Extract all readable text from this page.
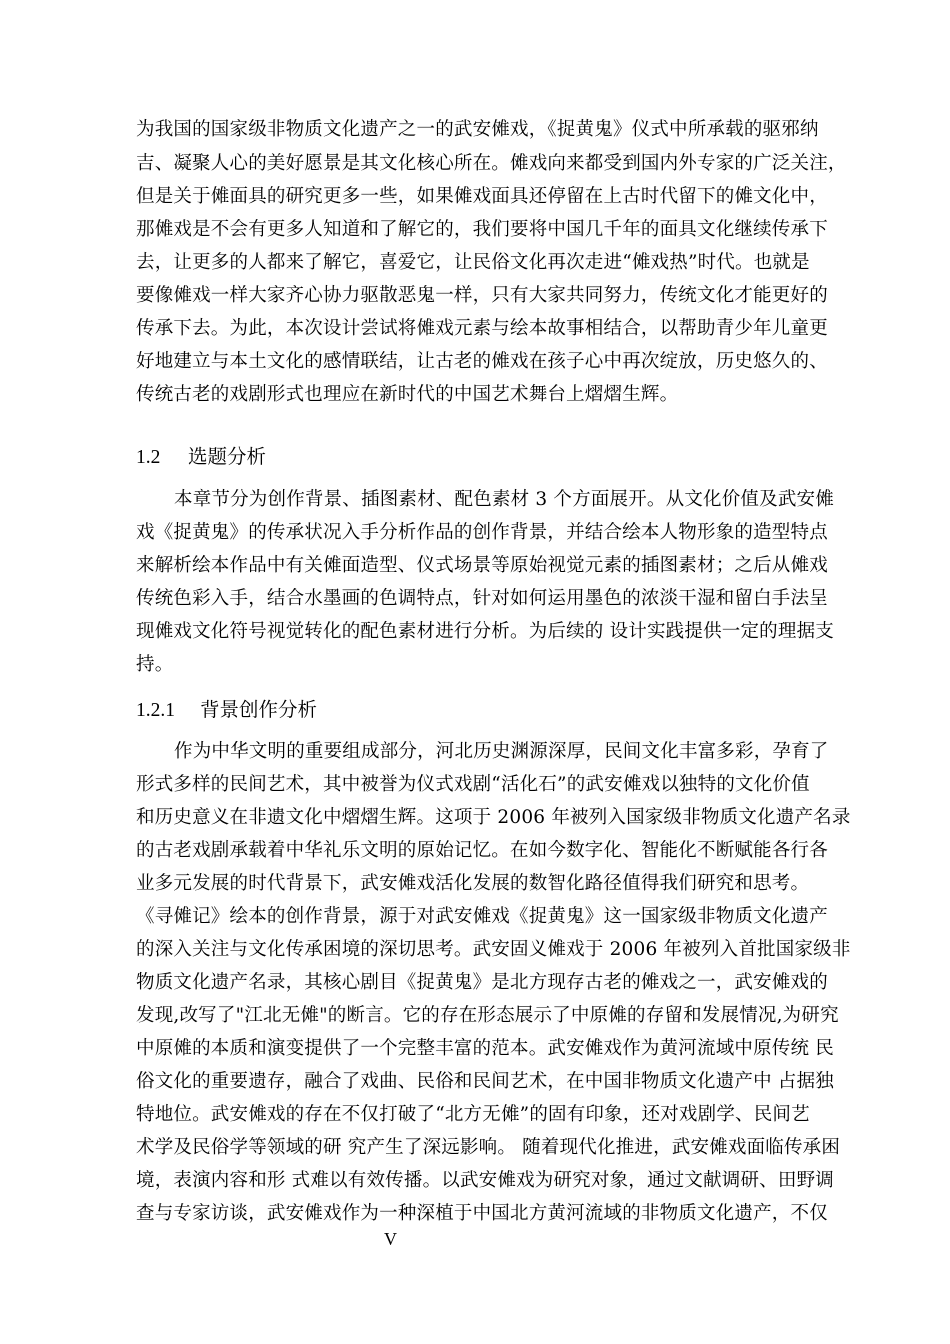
为我国的国家级非物质文化遗产之一的武安傩戏，《捉黄鬼》仪式中所承载的驱邪纳
吉、凝聚人心的美好愿景是其文化核心所在。傩戏向来都受到国内外专家的广泛关注，
但是关于傩面具的研究更多一些，如果傩戏面具还停留在上古时代留下的傩文化中，
那傩戏是不会有更多人知道和了解它的，我们要将中国几千年的面具文化继续传承下
去，让更多的人都来了解它，喜爱它，让民俗文化再次走进“傩戏热”时代。也就是
要像傩戏一样大家齐心协力驱散恶鬼一样，只有大家共同努力，传统文化才能更好的
传承下去。为此，本次设计尝试将傩戏元素与绘本故事相结合，以帮助青少年儿童更
好地建立与本土文化的感情联结，让古老的傩戏在孩子心中再次绽放，历史悠久的、
传统古老的戏剧形式也理应在新时代的中国艺术舞台上熠熠生辉。
1.2 选题分析
本章节分为创作背景、插图素材、配色素材 3 个方面展开。从文化价值及武安傩
戏《捉黄鬼》的传承状况入手分析作品的创作背景，并结合绘本人物形象的造型特点
来解析绘本作品中有关傩面造型、仪式场景等原始视觉元素的插图素材；之后从傩戏
传统色彩入手，结合水墨画的色调特点，针对如何运用墨色的浓淡干湿和留白手法呈
现傩戏文化符号视觉转化的配色素材进行分析。为后续的 设计实践提供一定的理据支
持。
1.2.1 背景创作分析
作为中华文明的重要组成部分，河北历史渊源深厚，民间文化丰富多彩，孕育了
形式多样的民间艺术，其中被誉为仪式戏剧“活化石”的武安傩戏以独特的文化价值
和历史意义在非遗文化中熠熠生辉。这项于 2006 年被列入国家级非物质文化遗产名录
的古老戏剧承载着中华礼乐文明的原始记忆。在如今数字化、智能化不断赋能各行各
业多元发展的时代背景下，武安傩戏活化发展的数智化路径值得我们研究和思考。
《寻傩记》绘本的创作背景，源于对武安傩戏《捉黄鬼》这一国家级非物质文化遗产
的深入关注与文化传承困境的深切思考。武安固义傩戏于 2006 年被列入首批国家级非
物质文化遗产名录，其核心剧目《捉黄鬼》是北方现存古老的傩戏之一，武安傩戏的
发现,改写了"江北无傩"的断言。它的存在形态展示了中原傩的存留和发展情况,为研究
中原傩的本质和演变提供了一个完整丰富的范本。武安傩戏作为黄河流域中原传统 民
俗文化的重要遗存，融合了戏曲、民俗和民间艺术，在中国非物质文化遗产中 占据独
特地位。武安傩戏的存在不仅打破了“北方无傩”的固有印象，还对戏剧学、民间艺
术学及民俗学等领域的研 究产生了深远影响。 随着现代化推进，武安傩戏面临传承困
境，表演内容和形 式难以有效传播。以武安傩戏为研究对象，通过文献调研、田野调
查与专家访谈，武安傩戏作为一种深植于中国北方黄河流域的非物质文化遗产，不仅
V
